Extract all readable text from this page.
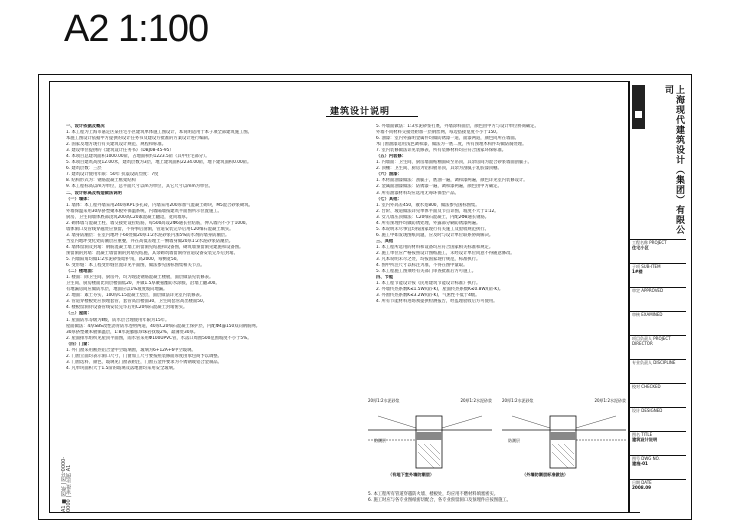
A2 1:100
A1 ■ 图纸 | 图号0000-0000 | 审批 比例 A1
建筑设计说明
一、设计依据及概况
1. 本工程为上海市嘉定区某住宅小区建筑单体施工图设计，本说明适用于本子项全部建筑施工图。
本施工图设计依据甲方提供的设计任务书及建设方批准的方案设计进行编制。
2. 国家及地方现行有关建筑设计规范、规程和标准。
3. 建设单位提供的《建筑设计任务书》（DBJ08-45-95）
4. 本项目总建筑面积1000.00㎡，占地面积约1223.5㎡（其中住宅部分）。
5. 本项目建筑高度12.00米，建筑层数为3层，地上建筑面积2234.00㎡，地下建筑面积0.00㎡。
6. 建筑层数：三层
7. 建筑设计使用年限：50年 抗震设防烈度：7度
8. 结构形式为：钢筋混凝土框架结构
9. 本工程标高以m为单位，总平面尺寸以m为单位，其它尺寸以mm为单位。
二、设计标高及构造做法说明
（一）墙体：
1. 墙体：本工程外墙采用240厚KP1多孔砖，内墙采用200厚加气混凝土砌块，M5混合砂浆砌筑。
外墙保温采用30厚挤塑聚苯板外保温系统，内墙隔墙按建筑平面图所示位置施工。
厨房、卫生间墙体底部浇筑200高C20素混凝土翻边，宽同墙厚。
2. 砌体墙与混凝土柱、墙交接处设拉结筋，每500高设2Φ6通长拉结筋，伸入墙内不小于1000。
墙体洞口及管线穿越处应预留，不得事后凿洞，管道安装完毕后用C20细石混凝土填实。
3. 墙身防潮层：在室内地坪下60处做20厚1:2水泥砂浆内加5%防水剂的墙身防潮层。
当室内地坪变化处防潮层应重叠，并在高低差埋土一侧墙身做20厚1:2水泥砂浆防潮层。
4. 墙体留洞及封堵：钢筋混凝土墙上的留洞见结施和设备图，砌筑墙预留洞见建施和设备图。
预留洞的封堵：混凝土墙留洞的封堵见结施，其余砌筑墙留洞待管道设备安装完毕后封堵。
5. 内墙阳角均做1:2水泥砂浆暗护角，高2000，每侧宽50。
6. 变形缝：本工程变形缝位置详见平面图，做法参见国标图集相关节点。
（二）楼地面：
1. 楼面：除卫生间、厨房外，均为现浇钢筋混凝土楼板，面层做法见装修表。
卫生间、厨房楼面比同层楼面低20，并做1.5厚聚氨酯防水涂膜，沿墙上翻300。
有地漏房间应做防水层，地面应以1%坡度坡向地漏。
2. 地面：素土夯实，100厚C15混凝土垫层，面层做法详见室内装修表。
3. 管道穿楼板处应预埋套管，套管高出楼面30，卫生间套管高出楼面50。
4. 楼板留洞待设备管线安装完毕后用C20细石混凝土封堵密实。
（三）屋面：
1. 屋面防水等级为Ⅱ级，防水层合理使用年限为15年。
屋面做法：4厚SBS改性沥青防水卷材两道，40厚C20细石混凝土保护层，内配Φ4@150双向钢筋网。
30厚挤塑聚苯板保温层，1:8水泥膨胀珍珠岩找坡2%，最薄处30厚。
2. 屋面排水组织见屋顶平面图，雨水管采用Φ100UPVC管，水落口周围500范围坡度不小于5%。
（四）门窗：
1. 外门窗采用断热铝合金中空玻璃窗，玻璃为6+12A+6中空玻璃。
2. 门窗立面均表示洞口尺寸，门窗加工尺寸要按照装修面厚度由承包商予以调整。
3. 门窗选料、颜色、玻璃见门窗表附注，门窗五金件要求为不锈钢或铝合金制品。
4. 凡单块面积大于1.5㎡的玻璃及落地窗均采用安全玻璃。
5. 外墙面做法：1:3水泥砂浆打底，外墙涂料面层，颜色由甲方与设计单位协商确定。
外墙不同材料交接处附加一层钢丝网，每边搭接宽度不小于150。
6. 油漆：室内外露明金属件均做防锈漆一道，面漆两道，颜色同所在墙面。
木门窗油漆选用浅色调和漆，做法为一底二度，所有预埋木构件均做防腐处理。
7. 室内装修做法详见装修表，所有装修材料均应符合国家环保标准。
（五）内装修：
1. 内墙面：卫生间、厨房墙面贴釉面砖至吊顶，其余房间为混合砂浆墙面刮腻子。
2. 顶棚：卫生间、厨房为铝扣板吊顶，其余为刮腻子乳胶漆顶棚。
（六）油漆：
1. 木材面油漆做法：刮腻子，底油一遍，调和漆两遍，颜色详见室内装修设计。
2. 金属面油漆做法：防锈漆一遍，调和漆两遍，颜色由甲方确定。
3. 所有油漆材料均应选用无毒环保型产品。
（七）其他：
1. 室内外高差450，散水宽800，做法参见国标图集。
2. 台阶、坡道做法详见单体平面及节点详图，坡度不大于1:12。
3. 女儿墙压顶做法：C20细石混凝土，内配2Φ8通长钢筋。
4. 所有预埋件均做防锈处理，外露部分刷防锈漆两遍。
5. 本说明未尽事宜均按国家现行有关施工及验收规范执行。
6. 施工中如发现图纸问题，应及时与设计单位联系协商解决。
三、其他
1. 本工程所选用的材料和设备均应符合国家相关标准和规定。
2. 施工单位应严格按照设计图纸施工，未经设计单位同意不得随意修改。
3. 凡本说明未尽之处，均按国家现行规范、标准执行。
4. 图中所注尺寸以标注为准，不得在图中量取。
5. 本工程施工图须经有关部门审查批准后方可施工。
四、节能
1. 本工程节能设计按《民用建筑节能设计标准》执行。
2. 外墙传热系数K≤1.5W/(㎡·K)，屋面传热系数K≤0.8W/(㎡·K)。
3. 外窗传热系数K≤3.2W/(㎡·K)，气密性不低于4级。
4. 所有节能材料进场须提供检测报告，经监理验收后方可使用。
20厚1:2水泥砂浆	20厚1:2水泥砂浆
防潮层
（有地下室外墙防潮层）
20厚1:2水泥砂浆	20厚1:2水泥砂浆
防潮层
（外墙防潮层标准做法）
5. 本工程所有管道穿越防火墙、楼板处，均应用不燃材料填塞密实。
6. 施工时应与各专业图纸密切配合，各专业预留洞口及预埋件应按图施工。
上海现代建筑设计（集团）有限公司
工程名称 PROJECT
住宅小区
子项 SUB-ITEM
1#楼
审定 APPROVED
审核 EXAMINED
项目负责人 PROJECT DIRECTOR
专业负责人 DISCIPLINE
校对 CHECKED
设计 DESIGNED
图名 TITLE
建筑设计说明
图号 DWG NO.
建施-01
日期 DATE
2008.09
